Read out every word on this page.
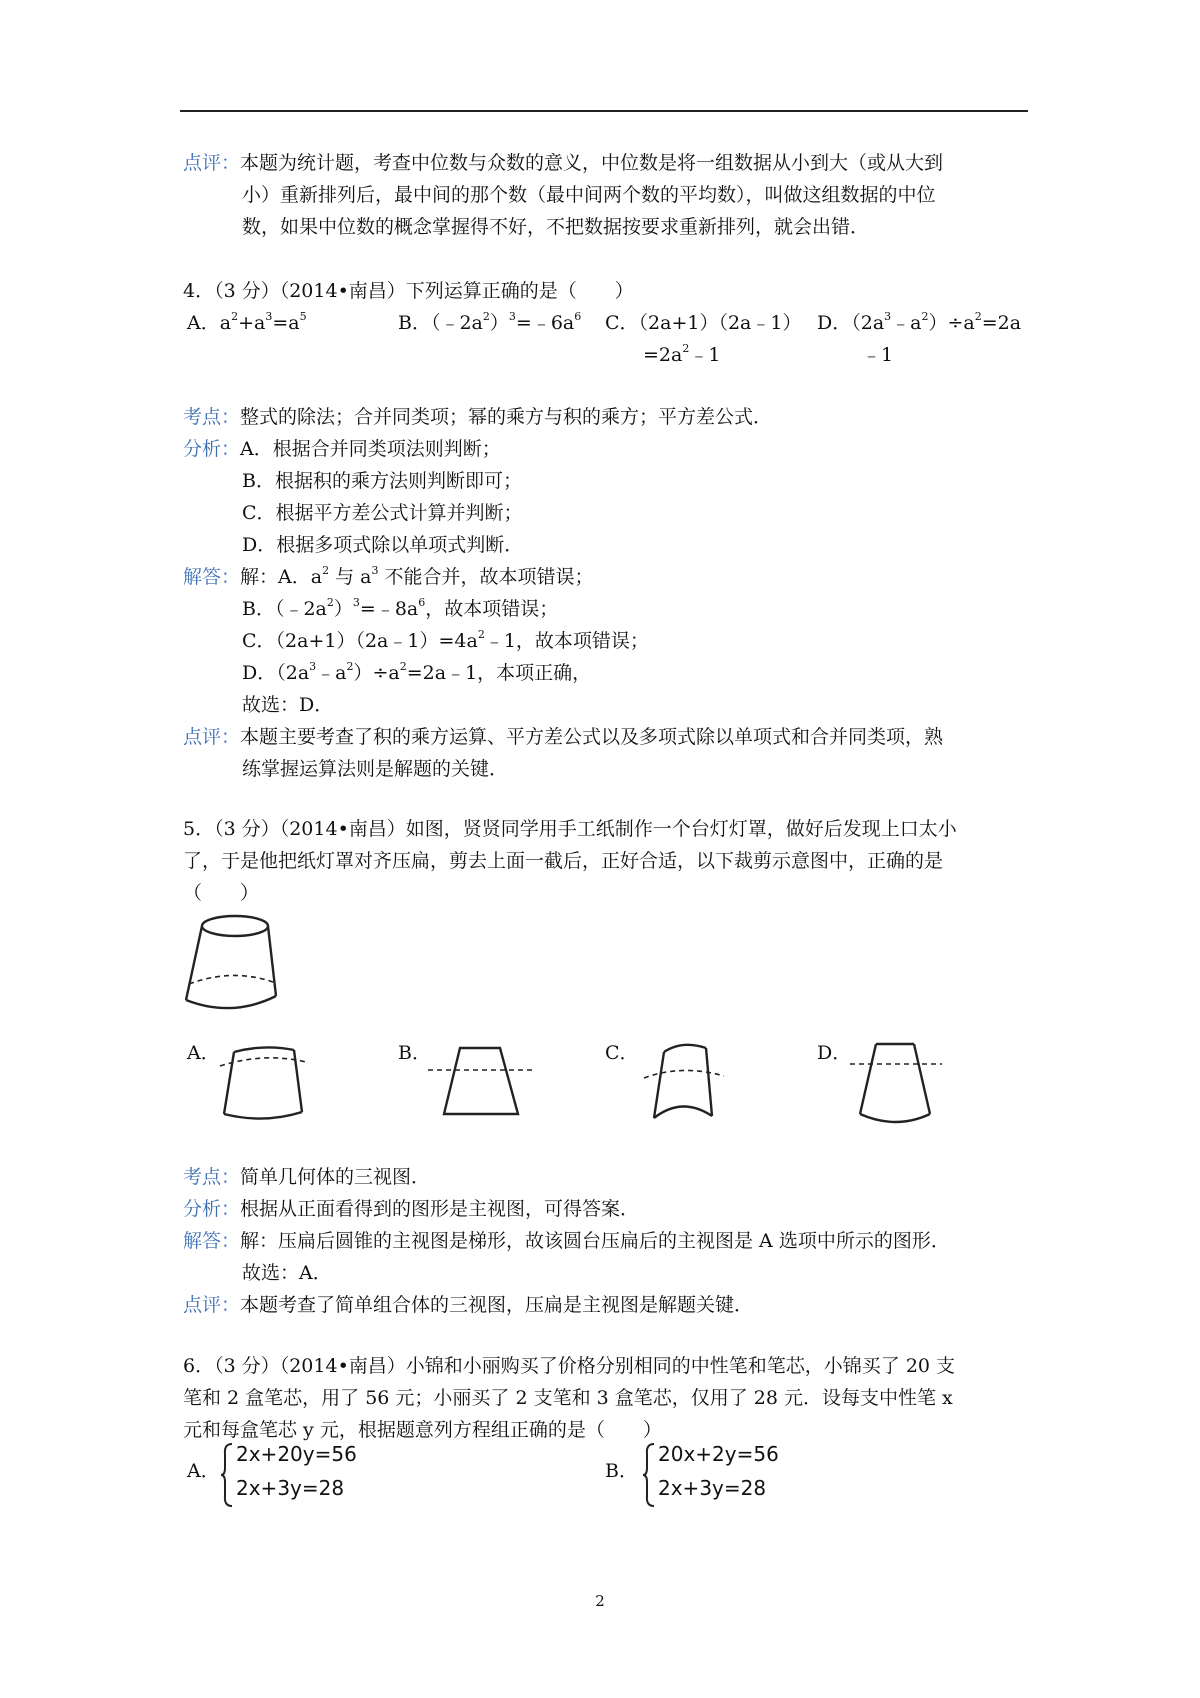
点评：本题为统计题，考查中位数与众数的意义，中位数是将一组数据从小到大（或从大到
小）重新排列后，最中间的那个数（最中间两个数的平均数），叫做这组数据的中位
数，如果中位数的概念掌握得不好，不把数据按要求重新排列，就会出错．
4．（3 分）（2014•南昌）下列运算正确的是（　　）
A．$a^2+a^3=a^5$	B．$(﹣2a^2)^3=﹣6a^6$ C．（2a+1）（2a﹣1）
$=2a^2﹣1$
D．$(2a^3﹣a^2)\div a^2=2a$
﹣1
考点：整式的除法；合并同类项；幂的乘方与积的乘方；平方差公式．
分析：A．根据合并同类项法则判断；
B．根据积的乘方法则判断即可；
C．根据平方差公式计算并判断；
D．根据多项式除以单项式判断．
解答：解：A．$a^2$ 与 $a^3$ 不能合并，故本项错误；
B．$(﹣2a^2)^3=﹣8a^6$，故本项错误；
C．$(2a+1)(2a﹣1)=4a^2﹣1$，故本项错误；
D．$(2a^3﹣a^2)\div a^2=2a﹣1$，本项正确，
故选：D．
点评：本题主要考查了积的乘方运算、平方差公式以及多项式除以单项式和合并同类项，熟
练掌握运算法则是解题的关键．
5．（3 分）（2014•南昌）如图，贤贤同学用手工纸制作一个台灯灯罩，做好后发现上口太小
了，于是他把纸灯罩对齐压扁，剪去上面一截后，正好合适，以下裁剪示意图中，正确的是
（　　）
A．	B．	C．	D．
考点：简单几何体的三视图．
分析：根据从正面看得到的图形是主视图，可得答案．
解答：解：压扁后圆锥的主视图是梯形，故该圆台压扁后的主视图是 A 选项中所示的图形．
故选：A．
点评：本题考查了简单组合体的三视图，压扁是主视图是解题关键．
6．（3 分）（2014•南昌）小锦和小丽购买了价格分别相同的中性笔和笔芯，小锦买了 20 支
笔和 2 盒笔芯，用了 56 元；小丽买了 2 支笔和 3 盒笔芯，仅用了 28 元．设每支中性笔 x
元和每盒笔芯 y 元，根据题意列方程组正确的是（　　）
A．
2x+20y=56
2x+3y=28
B．
20x+2y=56
2x+3y=28
2
